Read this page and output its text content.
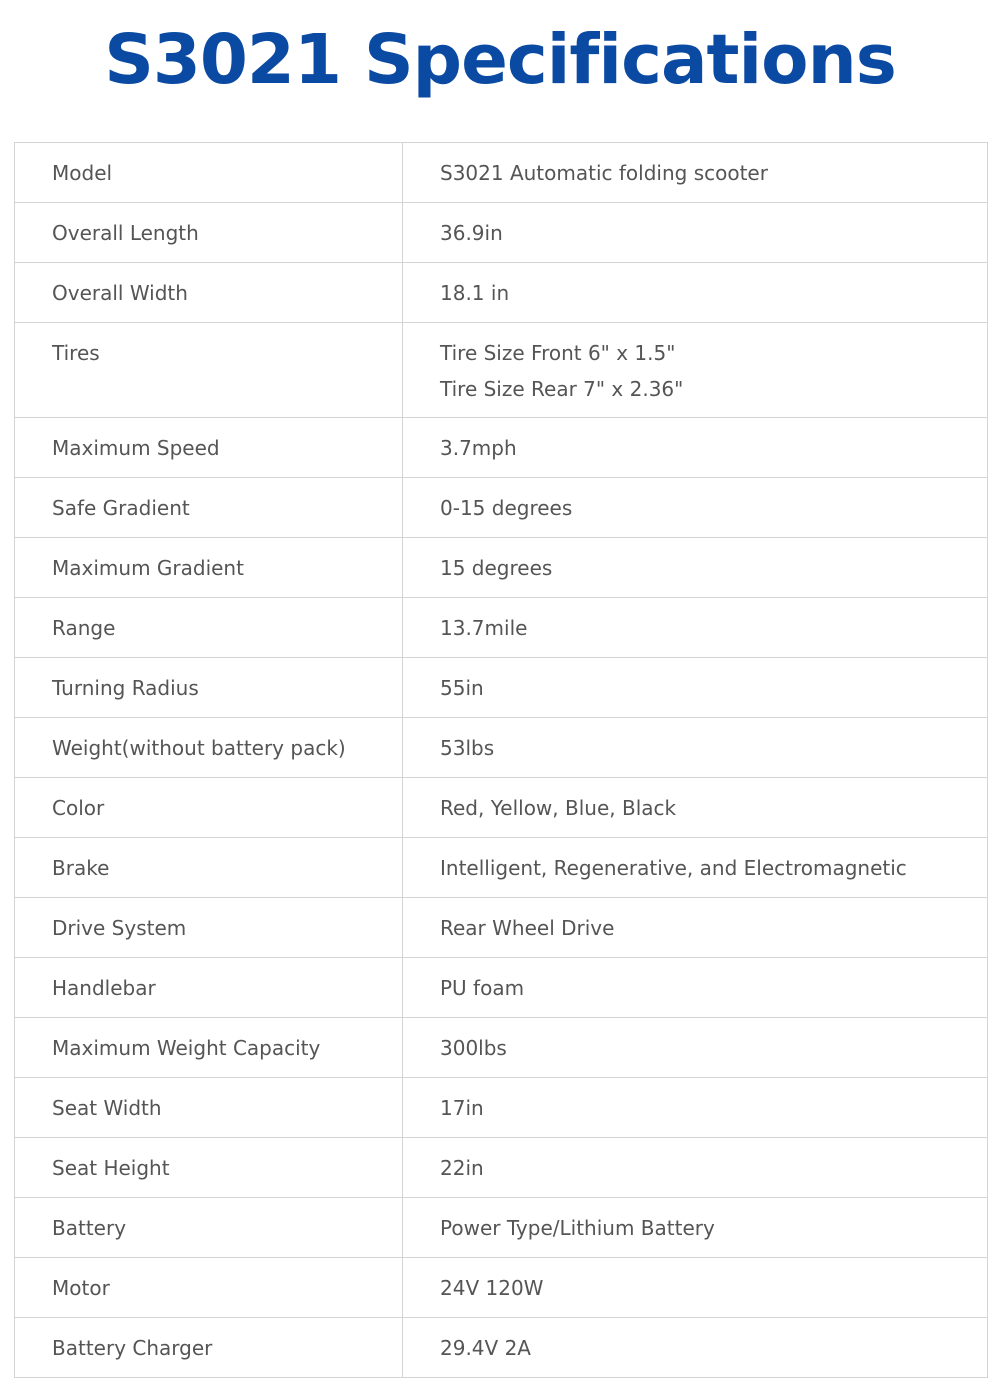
S3021 Specifications
Model	S3021 Automatic folding scooter
Overall Length	36.9in
Overall Width	18.1 in

Tires	Tire Size Front 6" x 1.5"
Tire Size Rear 7" x 2.36"

Maximum Speed	3.7mph
Safe Gradient	0-15 degrees
Maximum Gradient	15 degrees
Range	13.7mile
Turning Radius	55in
Weight(without battery pack)	53lbs
Color	Red, Yellow, Blue, Black
Brake	Intelligent, Regenerative, and Electromagnetic
Drive System	Rear Wheel Drive
Handlebar	PU foam
Maximum Weight Capacity	300lbs
Seat Width	17in
Seat Height	22in
Battery	Power Type/Lithium Battery
Motor	24V 120W
Battery Charger	29.4V 2A
